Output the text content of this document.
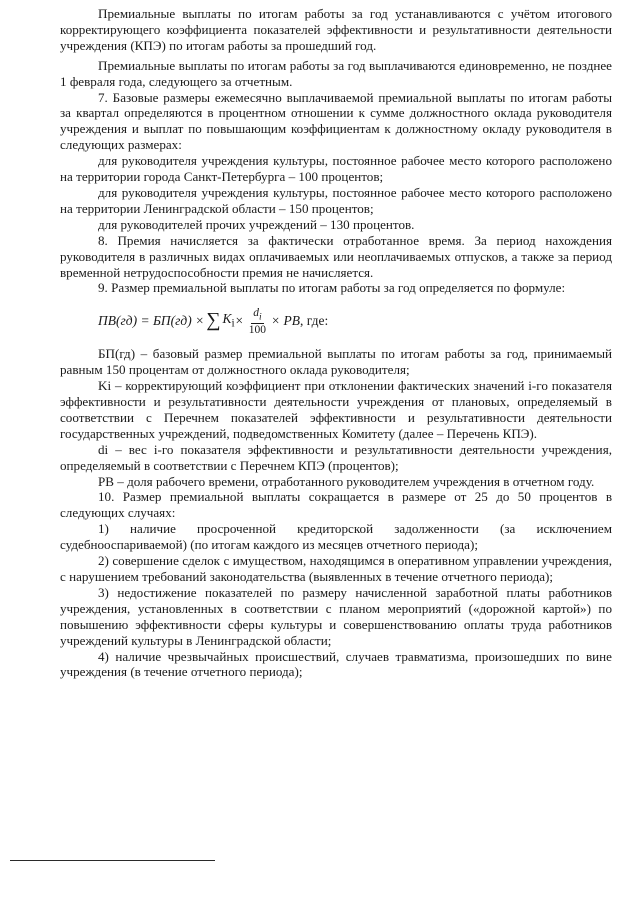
Премиальные выплаты по итогам работы за год устанавливаются с учётом итогового корректирующего коэффициента показателей эффективности и результативности деятельности учреждения (КПЭ) по итогам работы за прошедший год.

Премиальные выплаты по итогам работы за год выплачиваются единовременно, не позднее 1 февраля года, следующего за отчетным.

7. Базовые размеры ежемесячно выплачиваемой премиальной выплаты по итогам работы за квартал определяются в процентном отношении к сумме должностного оклада руководителя учреждения и выплат по повышающим коэффициентам к должностному окладу руководителя в следующих размерах:

для руководителя учреждения культуры, постоянное рабочее место которого расположено на территории города Санкт-Петербурга – 100 процентов;

для руководителя учреждения культуры, постоянное рабочее место которого расположено на территории Ленинградской области – 150 процентов;

для руководителей прочих учреждений – 130 процентов.

8. Премия начисляется за фактически отработанное время. За период нахождения руководителя в различных видах оплачиваемых или неоплачиваемых отпусков, а также за период временной нетрудоспособности премия не начисляется.

9. Размер премиальной выплаты по итогам работы за год определяется по формуле:

ПВ(гд) = БП(гд) × ∑ $K_i \times \frac{d_i}{100}$ × РВ , где:

БП(гд) – базовый размер премиальной выплаты по итогам работы за год, принимаемый равным 150 процентам от должностного оклада руководителя;

Ki – корректирующий коэффициент при отклонении фактических значений i-го показателя эффективности и результативности деятельности учреждения от плановых, определяемый в соответствии с Перечнем показателей эффективности и результативности деятельности государственных учреждений, подведомственных Комитету (далее – Перечень КПЭ).

di – вес i-го показателя эффективности и результативности деятельности учреждения, определяемый в соответствии с Перечнем КПЭ (процентов);

РВ – доля рабочего времени, отработанного руководителем учреждения в отчетном году.

10. Размер премиальной выплаты сокращается в размере от 25 до 50 процентов в следующих случаях:

1) наличие просроченной кредиторской задолженности (за исключением судебнооспариваемой) (по итогам каждого из месяцев отчетного периода);

2) совершение сделок с имуществом, находящимся в оперативном управлении учреждения, с нарушением требований законодательства (выявленных в течение отчетного периода);

3) недостижение показателей по размеру начисленной заработной платы работников учреждения, установленных в соответствии с планом мероприятий («дорожной картой») по повышению эффективности сферы культуры и совершенствованию оплаты труда работников учреждений культуры в Ленинградской области;

4) наличие чрезвычайных происшествий, случаев травматизма, произошедших по вине учреждения (в течение отчетного периода);
